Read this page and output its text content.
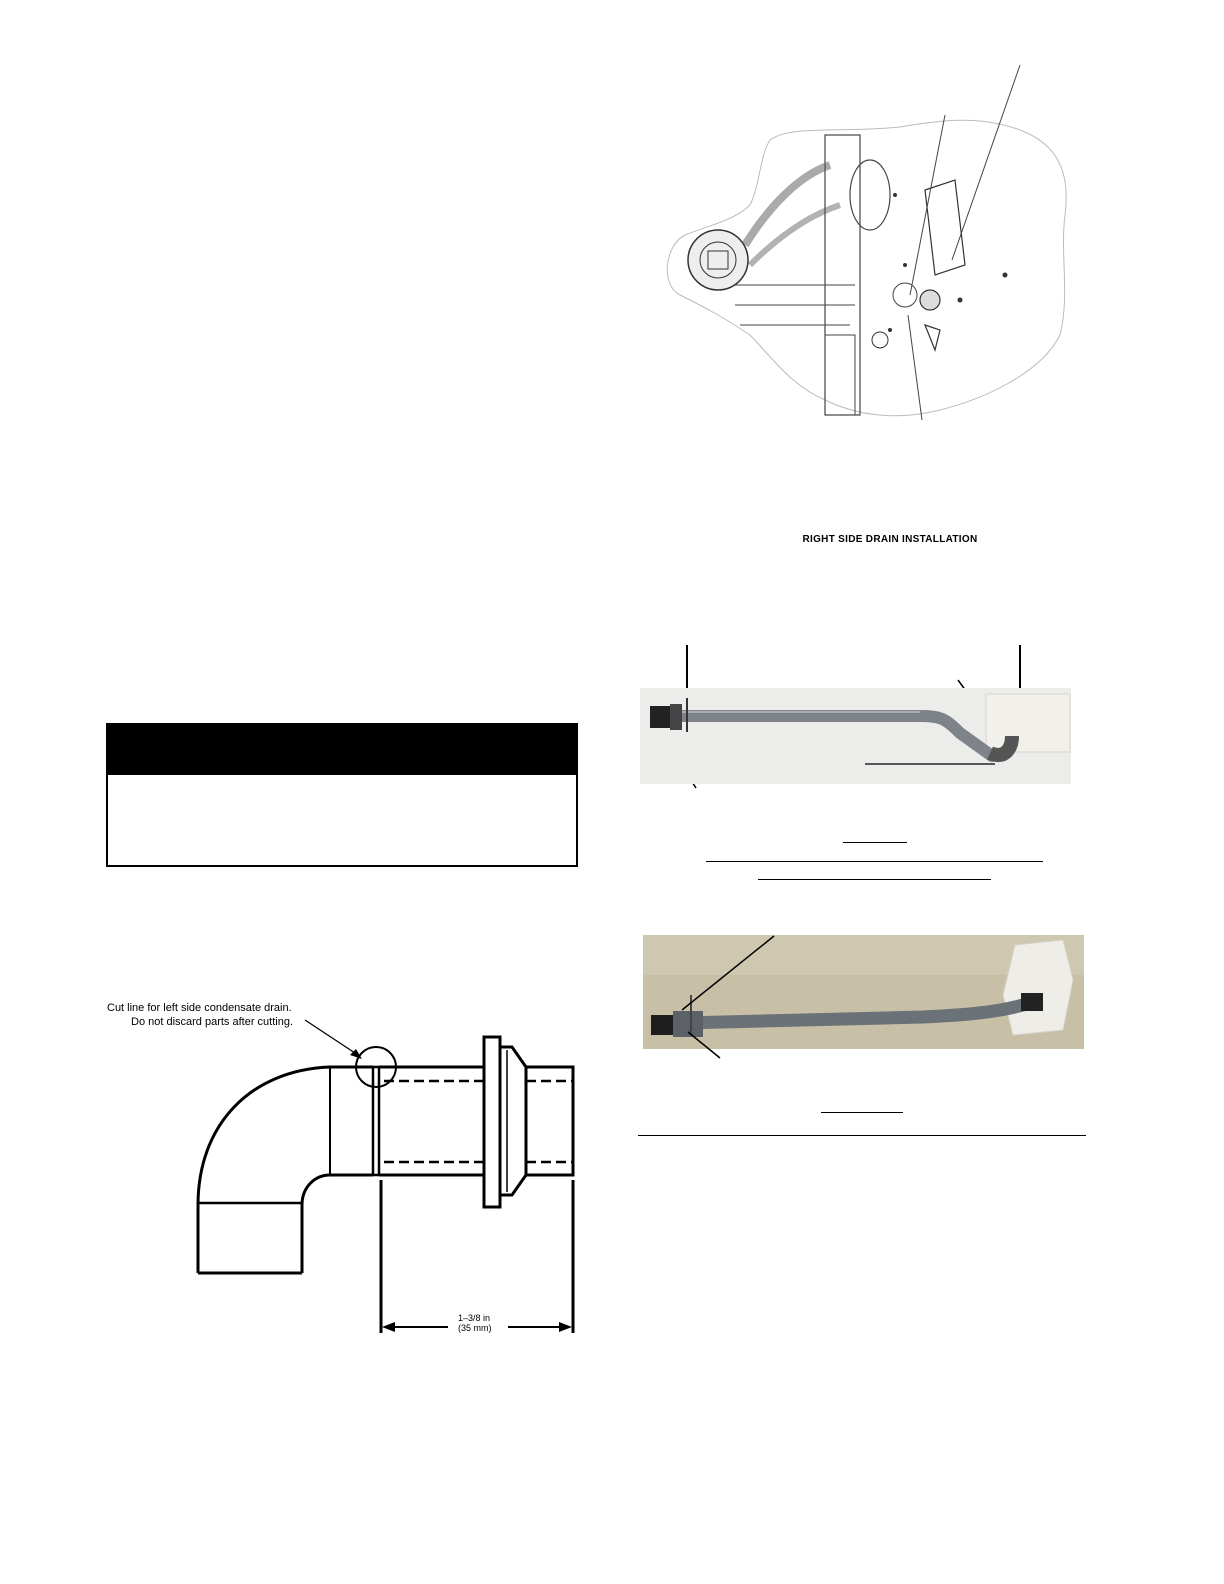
RIGHT SIDE DRAIN INSTALLATION
Cut line for left side condensate drain.
Do not discard parts after cutting.
1–3/8 in
(35 mm)
